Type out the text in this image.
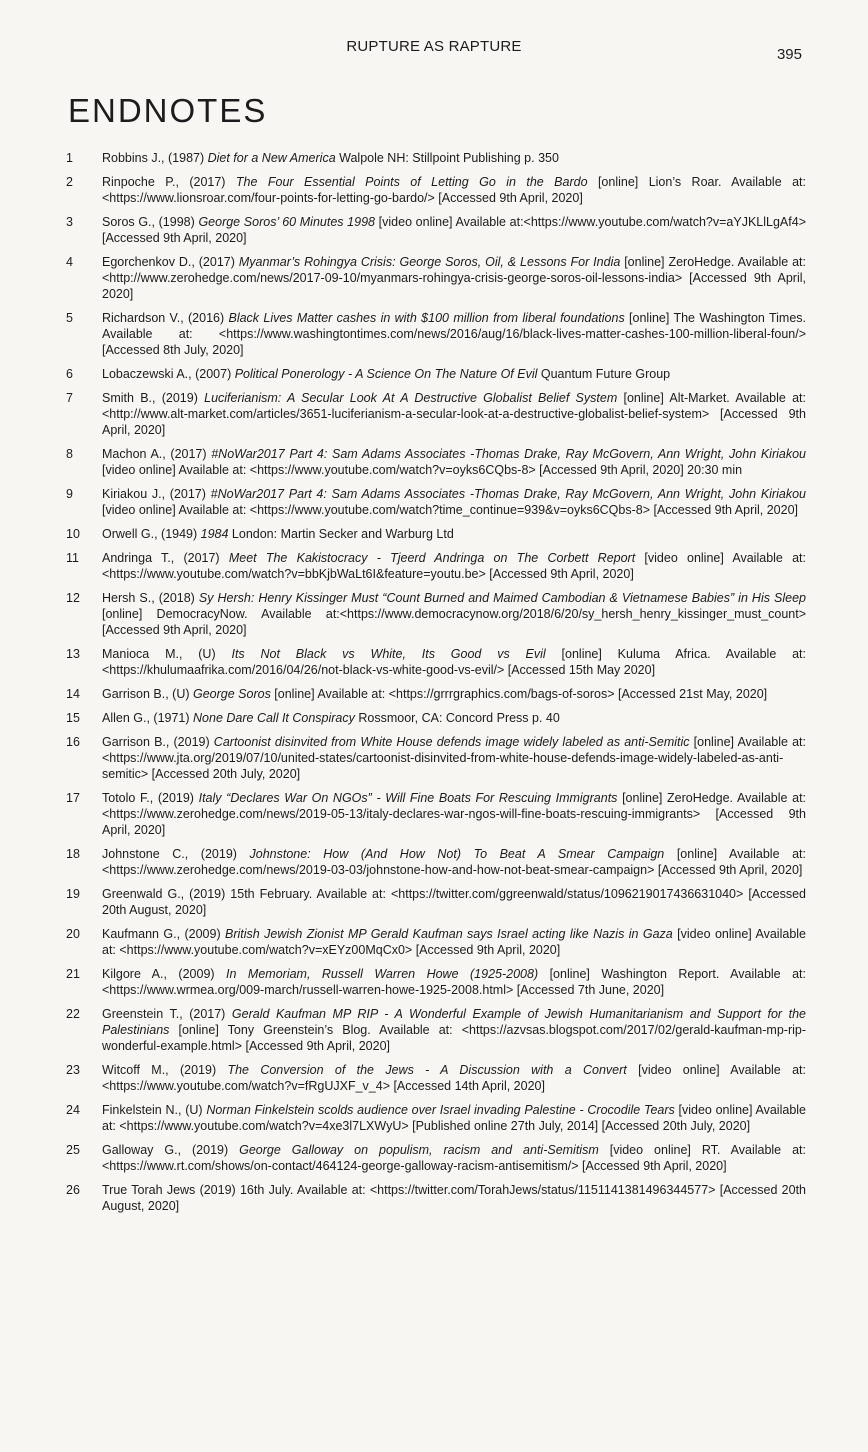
RUPTURE AS RAPTURE	395
ENDNOTES
1	Robbins J., (1987) Diet for a New America Walpole NH: Stillpoint Publishing p. 350
2	Rinpoche P., (2017) The Four Essential Points of Letting Go in the Bardo [online] Lion’s Roar. Available at:<https://www.lionsroar.com/four-points-for-letting-go-bardo/> [Accessed 9th April, 2020]
3	Soros G., (1998) George Soros’ 60 Minutes 1998 [video online] Available at:<https://www.youtube.com/watch?v=aYJKLlLgAf4> [Accessed 9th April, 2020]
4	Egorchenkov D., (2017) Myanmar’s Rohingya Crisis: George Soros, Oil, & Lessons For India [online] ZeroHedge. Available at:<http://www.zerohedge.com/news/2017-09-10/myanmars-rohingya-crisis-george-soros-oil-lessons-india> [Accessed 9th April, 2020]
5	Richardson V., (2016) Black Lives Matter cashes in with $100 million from liberal foundations [online] The Washington Times. Available at: <https://www.washingtontimes.com/news/2016/aug/16/black-lives-matter-cashes-100-million-liberal-foun/> [Accessed 8th July, 2020]
6	Lobaczewski A., (2007) Political Ponerology - A Science On The Nature Of Evil Quantum Future Group
7	Smith B., (2019) Luciferianism: A Secular Look At A Destructive Globalist Belief System [online] Alt-Market. Available at: <http://www.alt-market.com/articles/3651-luciferianism-a-secular-look-at-a-destructive-globalist-belief-system> [Accessed 9th April, 2020]
8	Machon A., (2017) #NoWar2017 Part 4: Sam Adams Associates -Thomas Drake, Ray McGovern, Ann Wright, John Kiriakou [video online] Available at: <https://www.youtube.com/watch?v=oyks6CQbs-8> [Accessed 9th April, 2020] 20:30 min
9	Kiriakou J., (2017) #NoWar2017 Part 4: Sam Adams Associates -Thomas Drake, Ray McGovern, Ann Wright, John Kiriakou [video online] Available at: <https://www.youtube.com/watch?time_continue=939&v=oyks6CQbs-8> [Accessed 9th April, 2020]
10	Orwell G., (1949) 1984 London: Martin Secker and Warburg Ltd
11	Andringa T., (2017) Meet The Kakistocracy - Tjeerd Andringa on The Corbett Report [video online] Available at:<https://www.youtube.com/watch?v=bbKjbWaLt6I&feature=youtu.be> [Accessed 9th April, 2020]
12	Hersh S., (2018) Sy Hersh: Henry Kissinger Must “Count Burned and Maimed Cambodian & Vietnamese Babies” in His Sleep [online] DemocracyNow. Available at:<https://www.democracynow.org/2018/6/20/sy_hersh_henry_kissinger_must_count> [Accessed 9th April, 2020]
13	Manioca M., (U) Its Not Black vs White, Its Good vs Evil [online] Kuluma Africa. Available at: <https://khulumaafrika.com/2016/04/26/not-black-vs-white-good-vs-evil/> [Accessed 15th May 2020]
14	Garrison B., (U) George Soros [online] Available at: <https://grrrgraphics.com/bags-of-soros> [Accessed 21st May, 2020]
15	Allen G., (1971) None Dare Call It Conspiracy Rossmoor, CA: Concord Press p. 40
16	Garrison B., (2019) Cartoonist disinvited from White House defends image widely labeled as anti-Semitic [online] Available at: <https://www.jta.org/2019/07/10/united-states/cartoonist-disinvited-from-white-house-defends-image-widely-labeled-as-anti-semitic> [Accessed 20th July, 2020]
17	Totolo F., (2019) Italy “Declares War On NGOs” - Will Fine Boats For Rescuing Immigrants [online] ZeroHedge. Available at:<https://www.zerohedge.com/news/2019-05-13/italy-declares-war-ngos-will-fine-boats-rescuing-immigrants> [Accessed 9th April, 2020]
18	Johnstone C., (2019) Johnstone: How (And How Not) To Beat A Smear Campaign [online] Available at: <https://www.zerohedge.com/news/2019-03-03/johnstone-how-and-how-not-beat-smear-campaign> [Accessed 9th April, 2020]
19	Greenwald G., (2019) 15th February. Available at: <https://twitter.com/ggreenwald/status/1096219017436631040> [Accessed 20th August, 2020]
20	Kaufmann G., (2009) British Jewish Zionist MP Gerald Kaufman says Israel acting like Nazis in Gaza [video online] Available at: <https://www.youtube.com/watch?v=xEYz00MqCx0> [Accessed 9th April, 2020]
21	Kilgore A., (2009) In Memoriam, Russell Warren Howe (1925-2008) [online] Washington Report. Available at: <https://www.wrmea.org/009-march/russell-warren-howe-1925-2008.html> [Accessed 7th June, 2020]
22	Greenstein T., (2017) Gerald Kaufman MP RIP - A Wonderful Example of Jewish Humanitarianism and Support for the Palestinians [online] Tony Greenstein’s Blog. Available at: <https://azvsas.blogspot.com/2017/02/gerald-kaufman-mp-rip-wonderful-example.html> [Accessed 9th April, 2020]
23	Witcoff M., (2019) The Conversion of the Jews - A Discussion with a Convert [video online] Available at: <https://www.youtube.com/watch?v=fRgUJXF_v_4> [Accessed 14th April, 2020]
24	Finkelstein N., (U) Norman Finkelstein scolds audience over Israel invading Palestine - Crocodile Tears [video online] Available at: <https://www.youtube.com/watch?v=4xe3l7LXWyU> [Published online 27th July, 2014] [Accessed 20th July, 2020]
25	Galloway G., (2019) George Galloway on populism, racism and anti-Semitism [video online] RT. Available at: <https://www.rt.com/shows/on-contact/464124-george-galloway-racism-antisemitism/> [Accessed 9th April, 2020]
26	True Torah Jews (2019) 16th July. Available at: <https://twitter.com/TorahJews/status/1151141381496344577> [Accessed 20th August, 2020]
